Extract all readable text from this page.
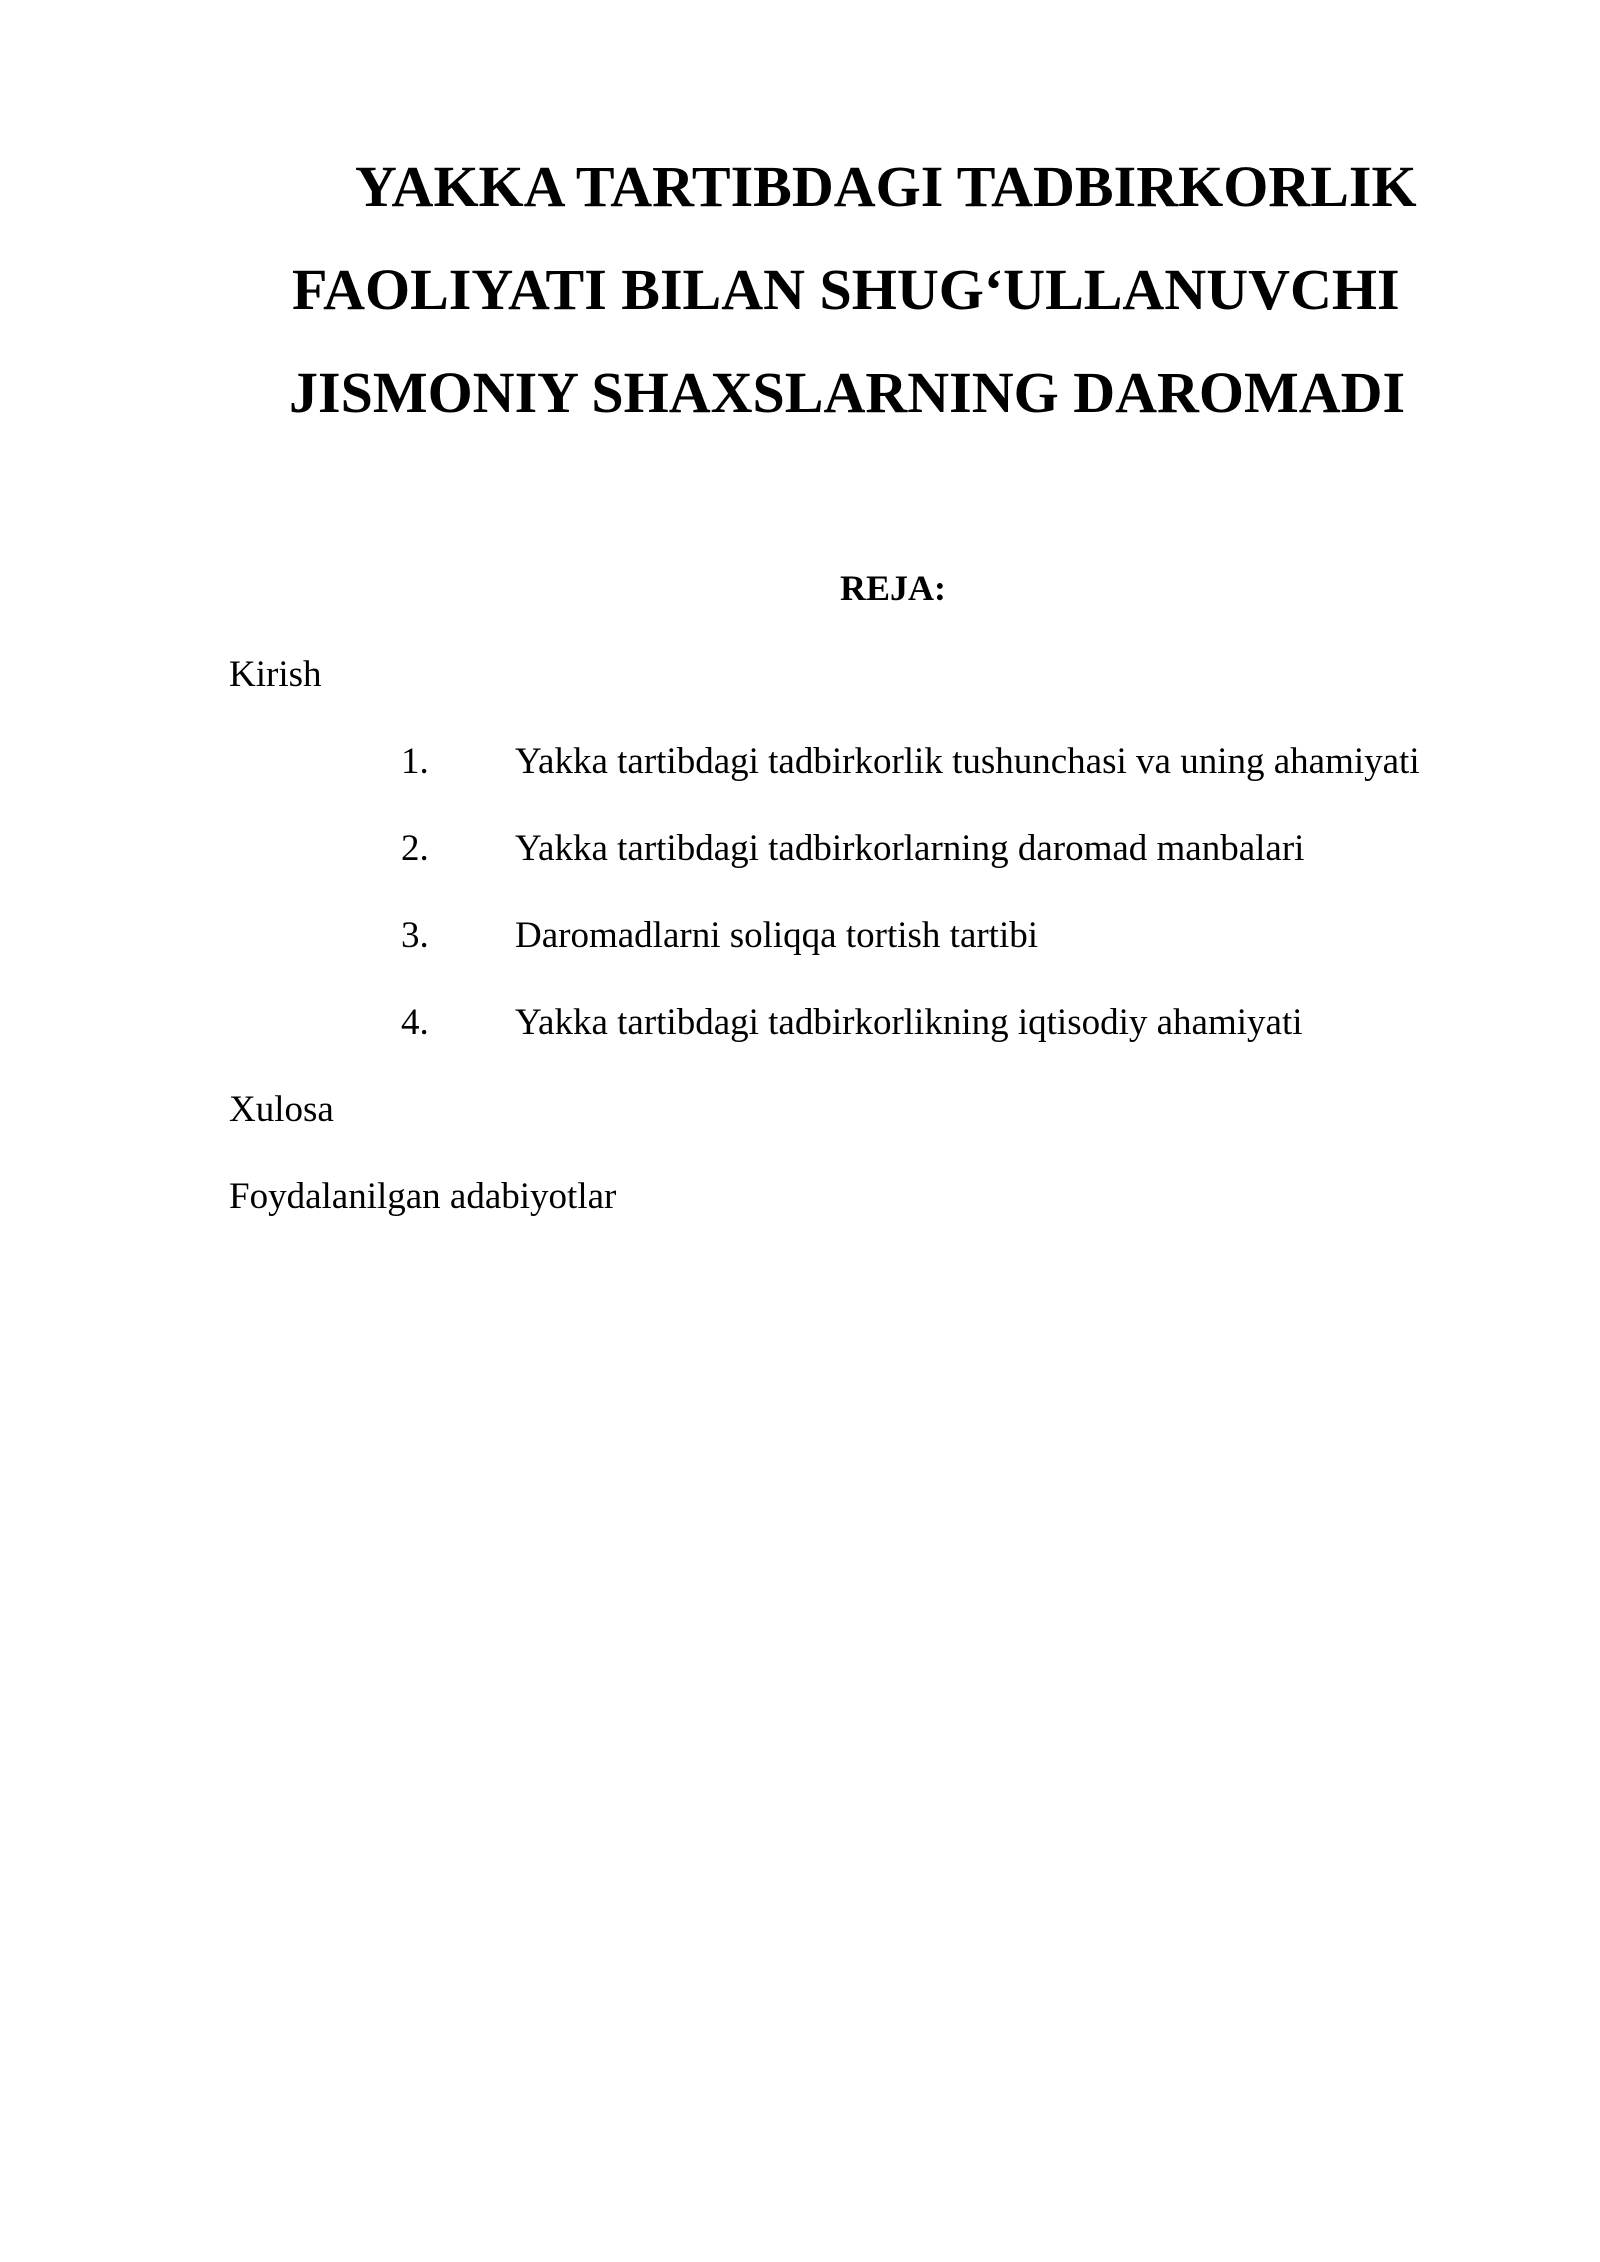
YAKKA TARTIBDAGI TADBIRKORLIK
FAOLIYATI BILAN SHUG‘ULLANUVCHI
JISMONIY SHAXSLARNING DAROMADI
REJA:
Kirish
1. Yakka tartibdagi tadbirkorlik tushunchasi va uning ahamiyati
2. Yakka tartibdagi tadbirkorlarning daromad manbalari
3. Daromadlarni soliqqa tortish tartibi
4. Yakka tartibdagi tadbirkorlikning iqtisodiy ahamiyati
Xulosa
Foydalanilgan adabiyotlar
